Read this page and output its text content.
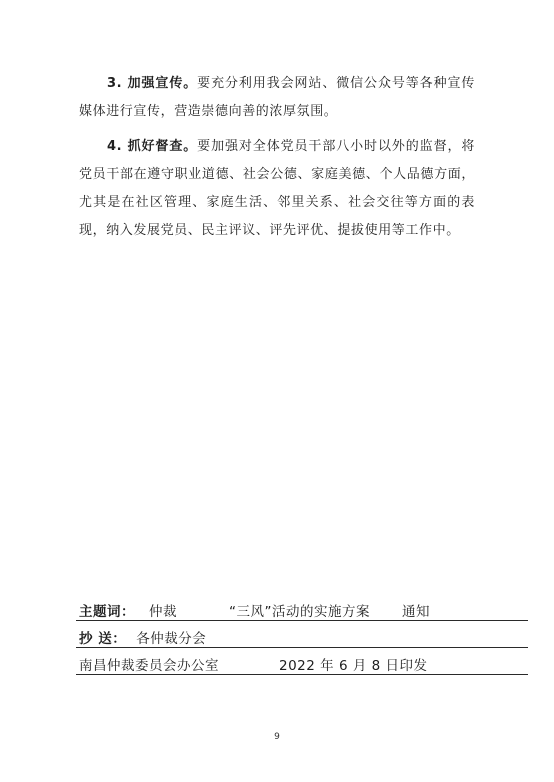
3. 加强宣传。要充分利用我会网站、微信公众号等各种宣传媒体进行宣传，营造崇德向善的浓厚氛围。

4. 抓好督查。要加强对全体党员干部八小时以外的监督，将党员干部在遵守职业道德、社会公德、家庭美德、个人品德方面，尤其是在社区管理、家庭生活、邻里关系、社会交往等方面的表现，纳入发展党员、民主评议、评先评优、提拔使用等工作中。

主题词： 仲裁	“三风”活动的实施方案 通知
抄 送： 各仲裁分会
南昌仲裁委员会办公室	2022 年 6 月 8 日印发
9
